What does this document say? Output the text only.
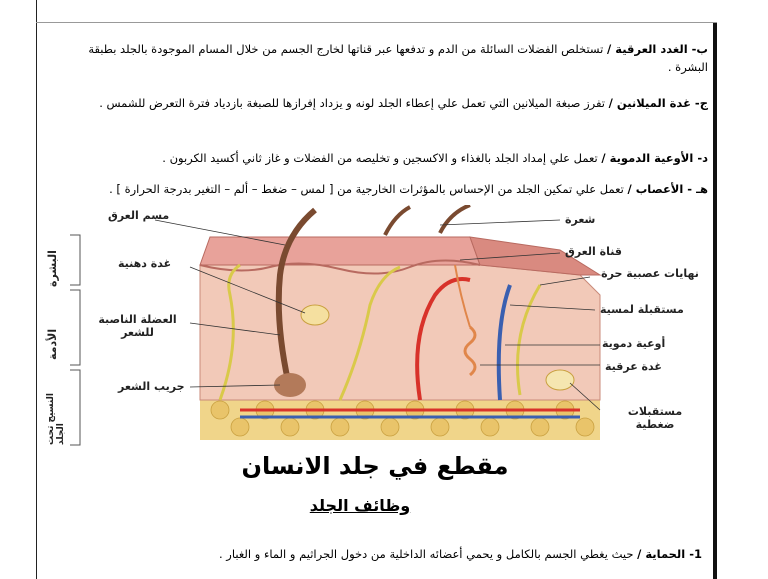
ب- الغدد العرقية / تستخلص الفضلات السائلة من الدم و تدفعها عبر قناتها لخارج الجسم من خلال المسام الموجودة بالجلد بطبقة البشرة .
ج- غدة الميلانين / تفرز صبغة الميلانين التي تعمل علي إعطاء الجلد لونه و يزداد إفرازها للصبغة بازدياد فترة التعرض للشمس .
د- الأوعية الدموية / تعمل علي إمداد الجلد بالغذاء و الاكسجين و تخليصه من الفضلات و غاز ثاني أكسيد الكربون .
هـ - الأعصاب / تعمل علي تمكين الجلد من الإحساس بالمؤثرات الخارجية من [ لمس – ضغط – ألم – التغير بدرجة الحرارة ] .
مسم العرق
غدة دهنية
العضلة الناصبة للشعر
جريب الشعر
شعرة
قناة العرق
نهايات عصبية حرة
مستقبلة لمسية
أوعية دموية
غدة عرقية
مستقبلات ضغطية
البشرة
الأدمة
النسيج تحت الجلد
مقطع في جلد الانسان
وظائف الجلد
1- الحماية / حيث يغطي الجسم بالكامل و يحمي أعضائه الداخلية من دخول الجراثيم و الماء و الغبار .
